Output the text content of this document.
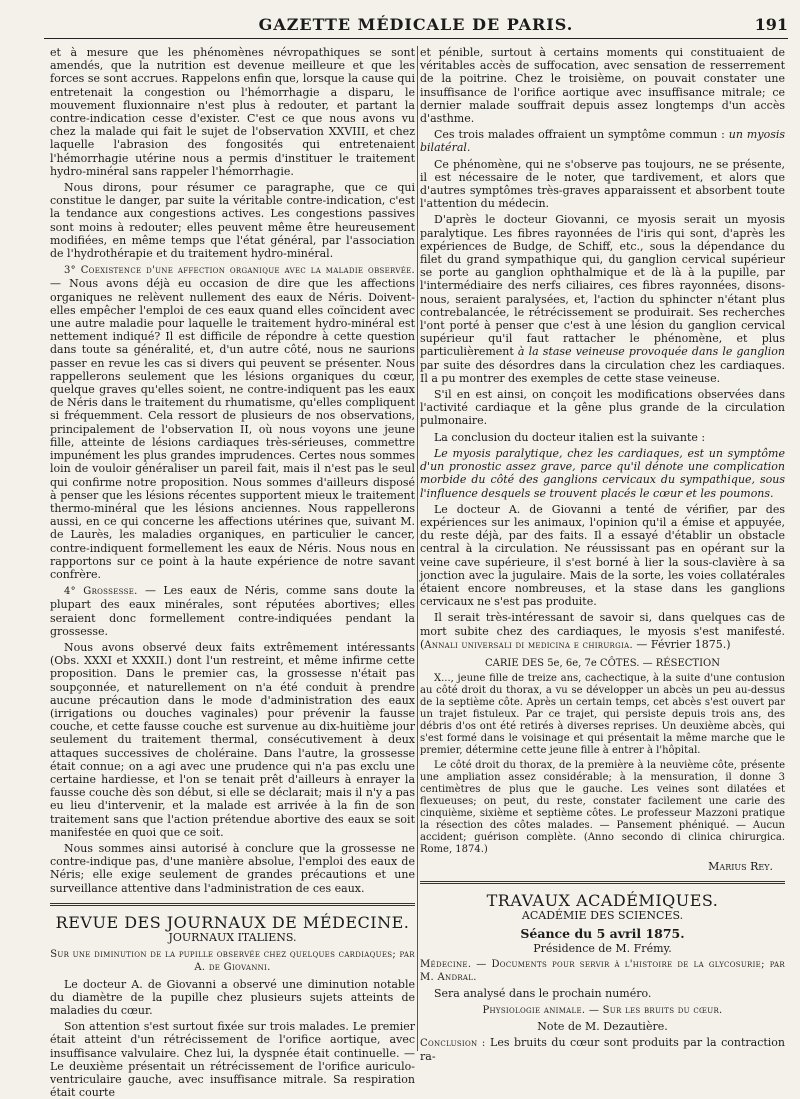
GAZETTE MÉDICALE DE PARIS.	191

et à mesure que les phénomènes névropathiques se sont amendés, que la nutrition est devenue meilleure et que les forces se sont accrues. Rappelons enfin que, lorsque la cause qui entretenait la congestion ou l'hémorrhagie a disparu, le mouvement fluxionnaire n'est plus à redouter, et partant la contre-indication cesse d'exister. C'est ce que nous avons vu chez la malade qui fait le sujet de l'observation XXVIII, et chez laquelle l'abrasion des fongosités qui entretenaient l'hémorrhagie utérine nous a permis d'instituer le traitement hydro-minéral sans rappeler l'hémorrhagie.

Nous dirons, pour résumer ce paragraphe, que ce qui constitue le danger, par suite la véritable contre-indication, c'est la tendance aux congestions actives. Les congestions passives sont moins à redouter; elles peuvent même être heureusement modifiées, en même temps que l'état général, par l'association de l'hydrothérapie et du traitement hydro-minéral.

3° Coexistence d'une affection organique avec la maladie observée. — Nous avons déjà eu occasion de dire que les affections organiques ne relèvent nullement des eaux de Néris. Doivent-elles empêcher l'emploi de ces eaux quand elles coïncident avec une autre maladie pour laquelle le traitement hydro-minéral est nettement indiqué? Il est difficile de répondre à cette question dans toute sa généralité, et, d'un autre côté, nous ne saurions passer en revue les cas si divers qui peuvent se présenter. Nous rappellerons seulement que les lésions organiques du cœur, quelque graves qu'elles soient, ne contre-indiquent pas les eaux de Néris dans le traitement du rhumatisme, qu'elles compliquent si fréquemment. Cela ressort de plusieurs de nos observations, principalement de l'observation II, où nous voyons une jeune fille, atteinte de lésions cardiaques très-sérieuses, commettre impunément les plus grandes imprudences. Certes nous sommes loin de vouloir généraliser un pareil fait, mais il n'est pas le seul qui confirme notre proposition. Nous sommes d'ailleurs disposé à penser que les lésions récentes supportent mieux le traitement thermo-minéral que les lésions anciennes. Nous rappellerons aussi, en ce qui concerne les affections utérines que, suivant M. de Laurès, les maladies organiques, en particulier le cancer, contre-indiquent formellement les eaux de Néris. Nous nous en rapportons sur ce point à la haute expérience de notre savant confrère.

4° Grossesse. — Les eaux de Néris, comme sans doute la plupart des eaux minérales, sont réputées abortives; elles seraient donc formellement contre-indiquées pendant la grossesse.

Nous avons observé deux faits extrêmement intéressants (Obs. XXXI et XXXII.) dont l'un restreint, et même infirme cette proposition. Dans le premier cas, la grossesse n'était pas soupçonnée, et naturellement on n'a été conduit à prendre aucune précaution dans le mode d'administration des eaux (irrigations ou douches vaginales) pour prévenir la fausse couche, et cette fausse couche est survenue au dix-huitième jour seulement du traitement thermal, consécutivement à deux attaques successives de choléraine. Dans l'autre, la grossesse était connue; on a agi avec une prudence qui n'a pas exclu une certaine hardiesse, et l'on se tenait prêt d'ailleurs à enrayer la fausse couche dès son début, si elle se déclarait; mais il n'y a pas eu lieu d'intervenir, et la malade est arrivée à la fin de son traitement sans que l'action prétendue abortive des eaux se soit manifestée en quoi que ce soit.

Nous sommes ainsi autorisé à conclure que la grossesse ne contre-indique pas, d'une manière absolue, l'emploi des eaux de Néris; elle exige seulement de grandes précautions et une surveillance attentive dans l'administration de ces eaux.

REVUE DES JOURNAUX DE MÉDECINE.
JOURNAUX ITALIENS.

Sur une diminution de la pupille observée chez quelques cardiaques; par A. de Giovanni.

Le docteur A. de Giovanni a observé une diminution notable du diamètre de la pupille chez plusieurs sujets atteints de maladies du cœur.

Son attention s'est surtout fixée sur trois malades. Le premier était atteint d'un rétrécissement de l'orifice aortique, avec insuffisance valvulaire. Chez lui, la dyspnée était continuelle. — Le deuxième présentait un rétrécissement de l'orifice auriculo-ventriculaire gauche, avec insuffisance mitrale. Sa respiration était courte

et pénible, surtout à certains moments qui constituaient de véritables accès de suffocation, avec sensation de resserrement de la poitrine. Chez le troisième, on pouvait constater une insuffisance de l'orifice aortique avec insuffisance mitrale; ce dernier malade souffrait depuis assez longtemps d'un accès d'asthme.

Ces trois malades offraient un symptôme commun : un myosis bilatéral.

Ce phénomène, qui ne s'observe pas toujours, ne se présente, il est nécessaire de le noter, que tardivement, et alors que d'autres symptômes très-graves apparaissent et absorbent toute l'attention du médecin.

D'après le docteur Giovanni, ce myosis serait un myosis paralytique. Les fibres rayonnées de l'iris qui sont, d'après les expériences de Budge, de Schiff, etc., sous la dépendance du filet du grand sympathique qui, du ganglion cervical supérieur se porte au ganglion ophthalmique et de là à la pupille, par l'intermédiaire des nerfs ciliaires, ces fibres rayonnées, disons-nous, seraient paralysées, et, l'action du sphincter n'étant plus contrebalancée, le rétrécissement se produirait. Ses recherches l'ont porté à penser que c'est à une lésion du ganglion cervical supérieur qu'il faut rattacher le phénomène, et plus particulièrement à la stase veineuse provoquée dans le ganglion par suite des désordres dans la circulation chez les cardiaques. Il a pu montrer des exemples de cette stase veineuse.

S'il en est ainsi, on conçoit les modifications observées dans l'activité cardiaque et la gêne plus grande de la circulation pulmonaire.

La conclusion du docteur italien est la suivante :

Le myosis paralytique, chez les cardiaques, est un symptôme d'un pronostic assez grave, parce qu'il dénote une complication morbide du côté des ganglions cervicaux du sympathique, sous l'influence desquels se trouvent placés le cœur et les poumons.

Le docteur A. de Giovanni a tenté de vérifier, par des expériences sur les animaux, l'opinion qu'il a émise et appuyée, du reste déjà, par des faits. Il a essayé d'établir un obstacle central à la circulation. Ne réussissant pas en opérant sur la veine cave supérieure, il s'est borné à lier la sous-clavière à sa jonction avec la jugulaire. Mais de la sorte, les voies collatérales étaient encore nombreuses, et la stase dans les ganglions cervicaux ne s'est pas produite.

Il serait très-intéressant de savoir si, dans quelques cas de mort subite chez des cardiaques, le myosis s'est manifesté. (Annali universali di medicina e chirurgia. — Février 1875.)

CARIE DES 5e, 6e, 7e CÔTES. — RÉSECTION

X..., jeune fille de treize ans, cachectique, à la suite d'une contusion au côté droit du thorax, a vu se développer un abcès un peu au-dessus de la septième côte. Après un certain temps, cet abcès s'est ouvert par un trajet fistuleux. Par ce trajet, qui persiste depuis trois ans, des débris d'os ont été retirés à diverses reprises. Un deuxième abcès, qui s'est formé dans le voisinage et qui présentait la même marche que le premier, détermine cette jeune fille à entrer à l'hôpital.

Le côté droit du thorax, de la première à la neuvième côte, présente une ampliation assez considérable; à la mensuration, il donne 3 centimètres de plus que le gauche. Les veines sont dilatées et flexueuses; on peut, du reste, constater facilement une carie des cinquième, sixième et septième côtes. Le professeur Mazzoni pratique la résection des côtes malades. — Pansement phéniqué. — Aucun accident; guérison complète. (Anno secondo di clinica chirurgica. Rome, 1874.)

Marius Rey.
TRAVAUX ACADÉMIQUES.
ACADÉMIE DES SCIENCES.
Séance du 5 avril 1875.

Présidence de M. Frémy.

Médecine. — Documents pour servir à l'histoire de la glycosurie; par M. Andral.

Sera analysé dans le prochain numéro.

Physiologie animale. — Sur les bruits du cœur.

Note de M. Dezautière.

Conclusion : Les bruits du cœur sont produits par la contraction ra-
